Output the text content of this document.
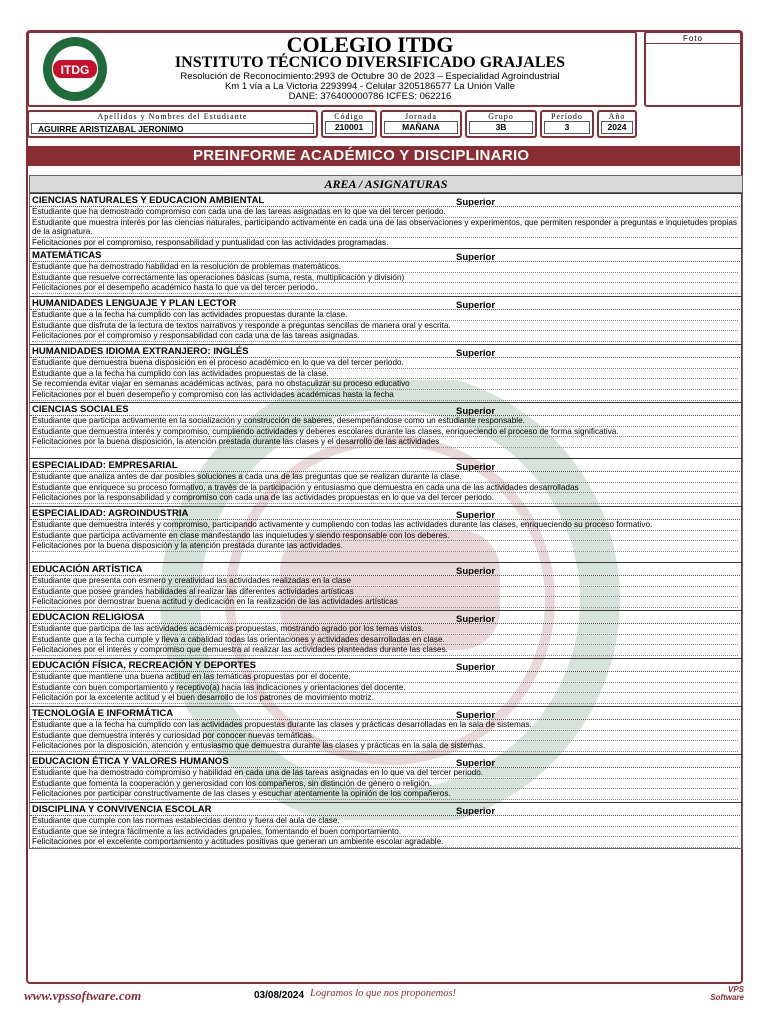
ITDG
COLEGIO ITDG
INSTITUTO TÉCNICO DIVERSIFICADO GRAJALES
Resolución de Reconocimiento:2993 de Octubre 30 de 2023 – Especialidad Agroindustrial
Km 1 vía a La Victoria 2293994 - Celular 3205186577 La Unión Valle
DANE: 376400000786 ICFES: 062216
Foto
Apellidos y Nombres del Estudiante
AGUIRRE ARISTIZABAL JERONIMO
Código
210001
Jornada
MAÑANA
Grupo
3B
Período
3
Año
2024
PREINFORME ACADÉMICO Y DISCIPLINARIO
AREA / ASIGNATURAS
CIENCIAS NATURALES Y EDUCACION AMBIENTAL	Superior
Estudiante que ha demostrado compromiso con cada una de las tareas asignadas en lo que va del tercer periodo.
Estudiante que muestra interés por las ciencias naturales, participando activamente en cada una de las observaciones y experimentos, que permiten responder a preguntas e inquietudes propias de la asignatura.
Felicitaciones por el compromiso, responsabilidad y puntualidad con las actividades programadas.
MATEMÁTICAS	Superior
Estudiante que ha demostrado habilidad en la resolución de problemas matemáticos.
Estudiante que resuelve correctamente las operaciones básicas (suma, resta, multiplicación y división)
Felicitaciones por el desempeño académico hasta lo que va del tercer periodo.
HUMANIDADES LENGUAJE Y PLAN LECTOR	Superior
Estudiante que a la fecha ha cumplido con las actividades propuestas durante la clase.
Estudiante que disfruta de la lectura de textos narrativos y responde a preguntas sencillas de manera oral y escrita.
Felicitaciones por el compromiso y responsabilidad con cada una de las tareas asignadas.
HUMANIDADES IDIOMA EXTRANJERO: INGLÉS	Superior
Estudiante que demuestra buena disposición en el proceso académico en lo que va del tercer periodo.
Estudiante que a la fecha ha cumplido con las actividades propuestas de la clase.
Se recomienda evitar viajar en semanas académicas activas, para no obstaculizar su proceso educativo
Felicitaciones por el buen desempeño y compromiso con las actividades académicas hasta la fecha
CIENCIAS SOCIALES	Superior
Estudiante que participa activamente en la socialización y construcción de saberes, desempeñándose como un estudiante responsable.
Estudiante que demuestra interés y compromiso, cumpliendo actividades y deberes escolares durante las clases, enriqueciendo el proceso de forma significativa.
Felicitaciones por la buena disposición, la atención prestada durante las clases y el desarrollo de las actividades
ESPECIALIDAD: EMPRESARIAL	Superior
Estudiante que analiza antes de dar posibles soluciones a cada una de las preguntas que se realizan durante la clase.
Estudiante que enriquece su proceso formativo, a través de la participación y entusiasmo que demuestra en cada una de las actividades desarrolladas
Felicitaciones por la responsabilidad y compromiso con cada una de las actividades propuestas en lo que va del tercer periodo.
ESPECIALIDAD: AGROINDUSTRIA	Superior
Estudiante que demuestra interés y compromiso, participando activamente y cumpliendo con todas las actividades durante las clases, enriqueciendo su proceso formativo.
Estudiante que participa activamente en clase manifestando las inquietudes y siendo responsable con los deberes.
Felicitaciones por la buena disposición y la atención prestada durante las actividades.
EDUCACIÓN ARTÍSTICA	Superior
Estudiante que presenta con esmero y creatividad las actividades realizadas en la clase
Estudiante que posee grandes habilidades al realizar las diferentes actividades artísticas
Felicitaciones por demostrar buena actitud y dedicación en la realización de las actividades artísticas
EDUCACION RELIGIOSA	Superior
Estudiante que participa de las actividades académicas propuestas, mostrando agrado por los temas vistos.
Estudiante que a la fecha cumple y lleva a cabalidad todas las orientaciones y actividades desarrolladas en clase.
Felicitaciones por el interés y compromiso que demuestra al realizar las actividades planteadas durante las clases.
EDUCACIÓN FÍSICA, RECREACIÓN Y DEPORTES	Superior
Estudiante que mantiene una buena actitud en las temáticas propuestas por el docente.
Estudiante con buen comportamiento y receptivo(a) hacia las indicaciones y orientaciones del docente.
Felicitación por la excelente actitud y el buen desarrollo de los patrones de movimiento motriz.
TECNOLOGÍA E INFORMÁTICA	Superior
Estudiante que a la fecha ha cumplido con las actividades propuestas durante las clases y prácticas desarrolladas en la sala de sistemas.
Estudiante que demuestra interés y curiosidad por conocer nuevas temáticas.
Felicitaciones por la disposición, atención y entusiasmo que demuestra durante las clases y prácticas en la sala de sistemas.
EDUCACION ÉTICA Y VALORES HUMANOS	Superior
Estudiante que ha demostrado compromiso y habilidad en cada una de las tareas asignadas en lo que va del tercer periodo.
Estudiante que fomenta la cooperación y generosidad con los compañeros, sin distinción de género o religión.
Felicitaciones por participar constructivamente de las clases y escuchar atentamente la opinión de los compañeros.
DISCIPLINA Y CONVIVENCIA ESCOLAR	Superior
Estudiante que cumple con las normas establecidas dentro y fuera del aula de clase.
Estudiante que se integra fácilmente a las actividades grupales, fomentando el buen comportamiento.
Felicitaciones por el excelente comportamiento y actitudes positivas que generan un ambiente escolar agradable.
www.vpssoftware.com	03/08/2024 Logramos lo que nos proponemos!	VPS Software
